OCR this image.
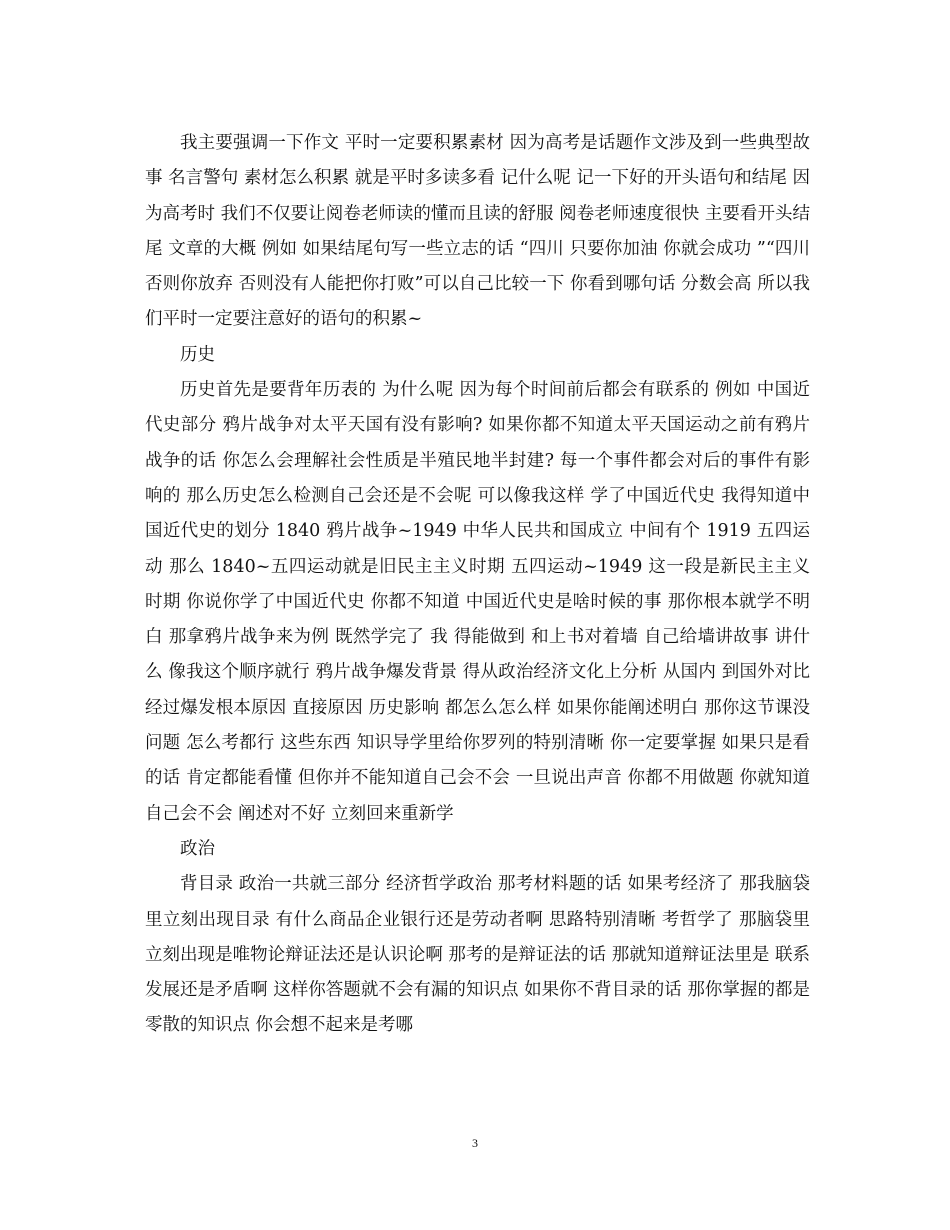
我主要强调一下作文 平时一定要积累素材 因为高考是话题作文涉及到一些典型故事 名言警句 素材怎么积累 就是平时多读多看 记什么呢 记一下好的开头语句和结尾 因为高考时 我们不仅要让阅卷老师读的懂而且读的舒服 阅卷老师速度很快 主要看开头结尾 文章的大概 例如 如果结尾句写一些立志的话 “四川 只要你加油 你就会成功 ”“四川 否则你放弃 否则没有人能把你打败”可以自己比较一下 你看到哪句话 分数会高 所以我们平时一定要注意好的语句的积累~

历史

历史首先是要背年历表的 为什么呢 因为每个时间前后都会有联系的 例如 中国近代史部分 鸦片战争对太平天国有没有影响? 如果你都不知道太平天国运动之前有鸦片战争的话 你怎么会理解社会性质是半殖民地半封建? 每一个事件都会对后的事件有影响的 那么历史怎么检测自己会还是不会呢 可以像我这样 学了中国近代史 我得知道中国近代史的划分 1840 鸦片战争~1949 中华人民共和国成立 中间有个 1919 五四运动 那么 1840~五四运动就是旧民主主义时期 五四运动~1949 这一段是新民主主义时期 你说你学了中国近代史 你都不知道 中国近代史是啥时候的事 那你根本就学不明白 那拿鸦片战争来为例 既然学完了 我 得能做到 和上书对着墙 自己给墙讲故事 讲什么 像我这个顺序就行 鸦片战争爆发背景 得从政治经济文化上分析 从国内 到国外对比 经过爆发根本原因 直接原因 历史影响 都怎么怎么样 如果你能阐述明白 那你这节课没问题 怎么考都行 这些东西 知识导学里给你罗列的特别清晰 你一定要掌握 如果只是看的话 肯定都能看懂 但你并不能知道自己会不会 一旦说出声音 你都不用做题 你就知道自己会不会 阐述对不好 立刻回来重新学

政治

背目录 政治一共就三部分 经济哲学政治 那考材料题的话 如果考经济了 那我脑袋里立刻出现目录 有什么商品企业银行还是劳动者啊 思路特别清晰 考哲学了 那脑袋里立刻出现是唯物论辩证法还是认识论啊 那考的是辩证法的话 那就知道辩证法里是 联系发展还是矛盾啊 这样你答题就不会有漏的知识点 如果你不背目录的话 那你掌握的都是零散的知识点 你会想不起来是考哪

3
